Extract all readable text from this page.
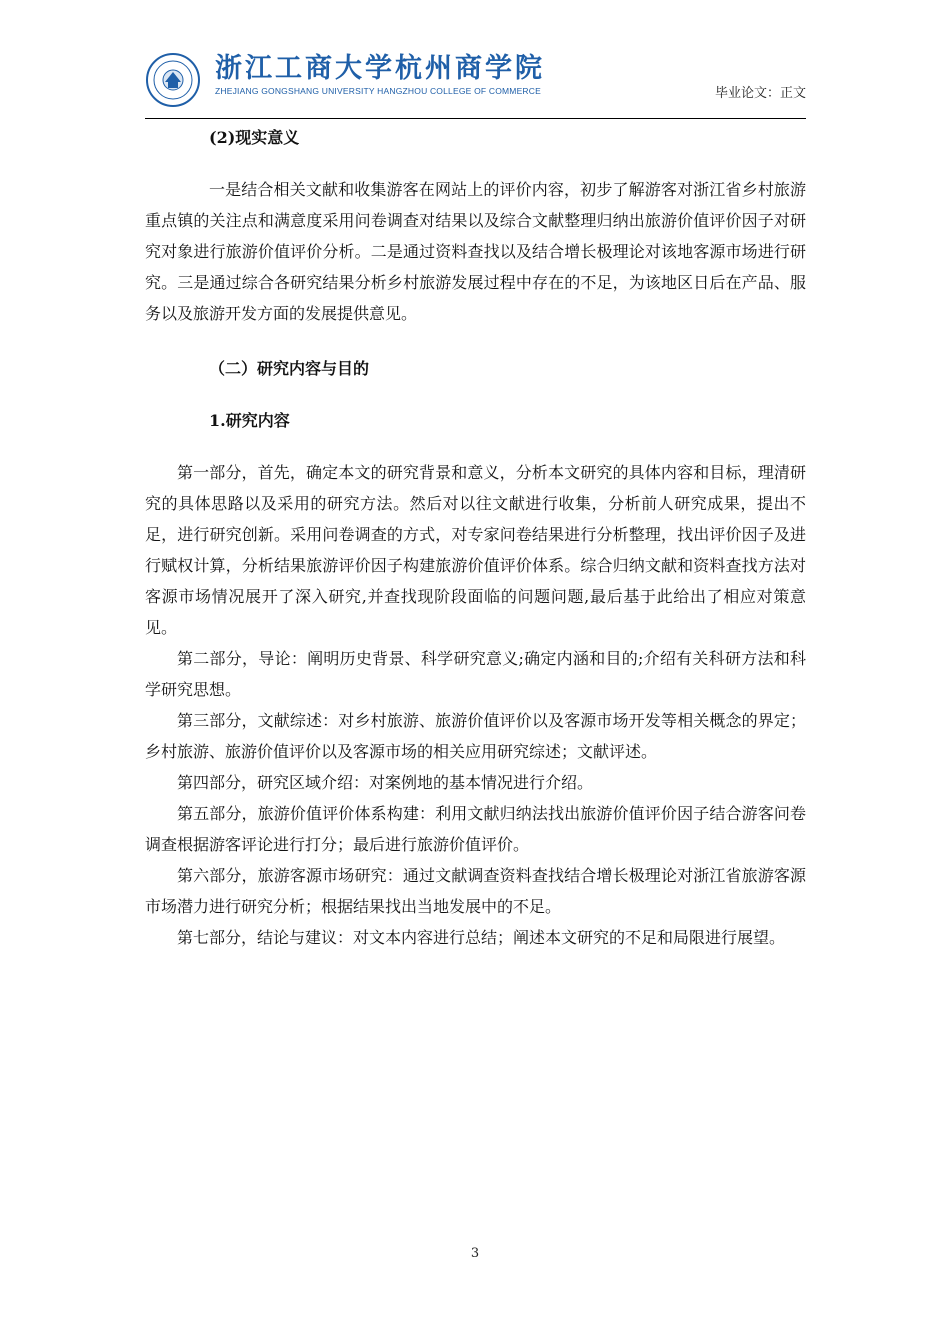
浙江工商大学杭州商学院
ZHEJIANG GONGSHANG UNIVERSITY HANGZHOU COLLEGE OF COMMERCE	毕业论文：正文

(2)现实意义

一是结合相关文献和收集游客在网站上的评价内容，初步了解游客对浙江省乡村旅游重点镇的关注点和满意度采用问卷调查对结果以及综合文献整理归纳出旅游价值评价因子对研究对象进行旅游价值评价分析。二是通过资料查找以及结合增长极理论对该地客源市场进行研究。三是通过综合各研究结果分析乡村旅游发展过程中存在的不足，为该地区日后在产品、服务以及旅游开发方面的发展提供意见。

（二）研究内容与目的

1.研究内容

第一部分，首先，确定本文的研究背景和意义，分析本文研究的具体内容和目标，理清研究的具体思路以及采用的研究方法。然后对以往文献进行收集，分析前人研究成果，提出不足，进行研究创新。采用问卷调查的方式，对专家问卷结果进行分析整理，找出评价因子及进行赋权计算，分析结果旅游评价因子构建旅游价值评价体系。综合归纳文献和资料查找方法对客源市场情况展开了深入研究,并查找现阶段面临的问题问题,最后基于此给出了相应对策意见。

第二部分，导论：阐明历史背景、科学研究意义;确定内涵和目的;介绍有关科研方法和科学研究思想。

第三部分，文献综述：对乡村旅游、旅游价值评价以及客源市场开发等相关概念的界定；乡村旅游、旅游价值评价以及客源市场的相关应用研究综述；文献评述。

第四部分，研究区域介绍：对案例地的基本情况进行介绍。

第五部分，旅游价值评价体系构建：利用文献归纳法找出旅游价值评价因子结合游客问卷调查根据游客评论进行打分；最后进行旅游价值评价。

第六部分，旅游客源市场研究：通过文献调查资料查找结合增长极理论对浙江省旅游客源市场潜力进行研究分析；根据结果找出当地发展中的不足。

第七部分，结论与建议：对文本内容进行总结；阐述本文研究的不足和局限进行展望。

3
